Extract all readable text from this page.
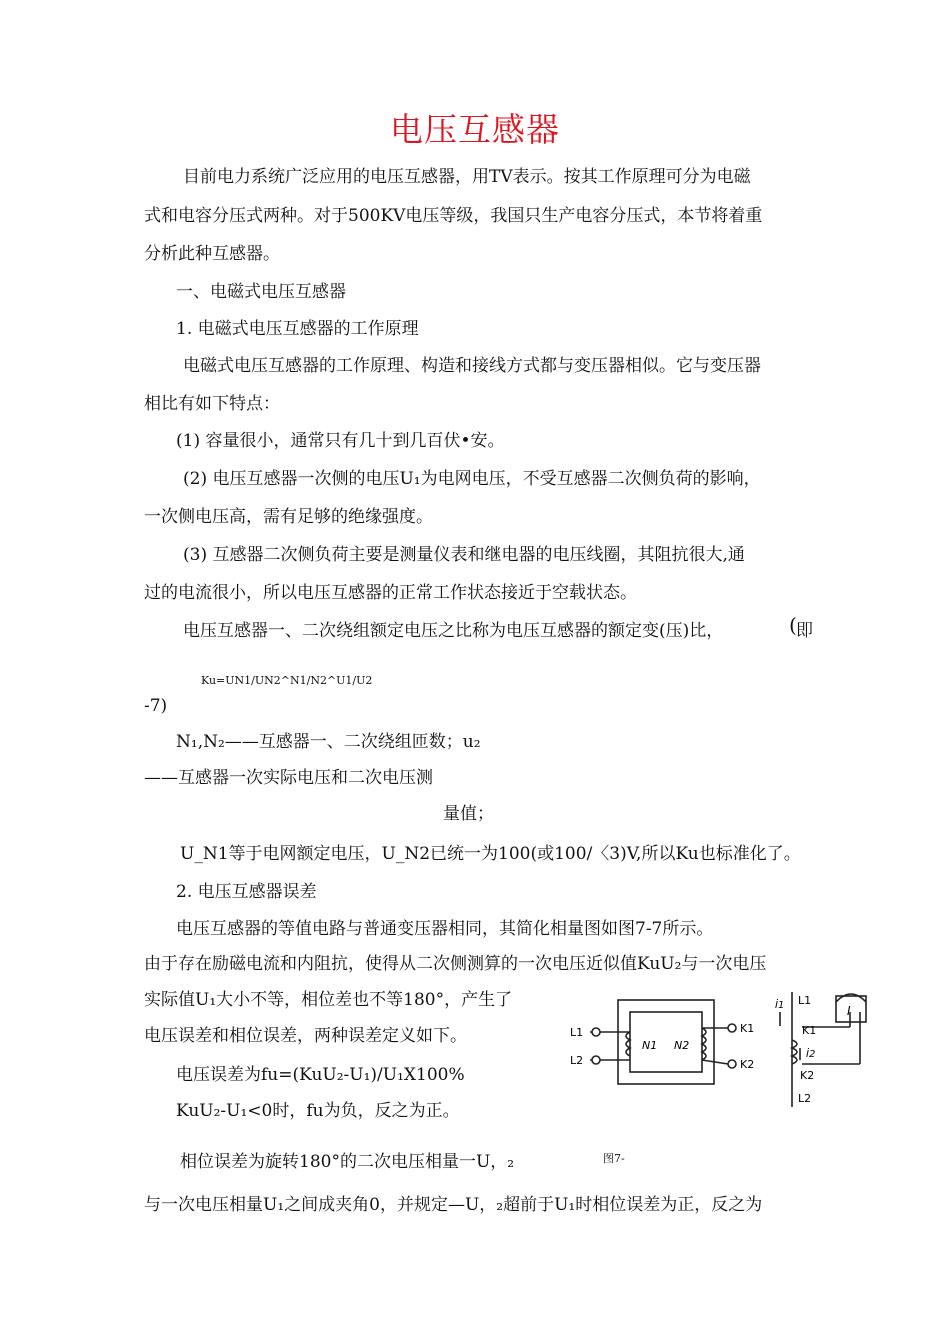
电压互感器
目前电力系统广泛应用的电压互感器，用TV表示。按其工作原理可分为电磁
式和电容分压式两种。对于500KV电压等级，我国只生产电容分压式，本节将着重
分析此种互感器。
一、电磁式电压互感器
1. 电磁式电压互感器的工作原理
电磁式电压互感器的工作原理、构造和接线方式都与变压器相似。它与变压器
相比有如下特点：
(1) 容量很小，通常只有几十到几百伏•安。
(2) 电压互感器一次侧的电压U₁为电网电压，不受互感器二次侧负荷的影响，
一次侧电压高，需有足够的绝缘强度。
(3) 互感器二次侧负荷主要是测量仪表和继电器的电压线圈，其阻抗很大,通
过的电流很小，所以电压互感器的正常工作状态接近于空载状态。
电压互感器一、二次绕组额定电压之比称为电压互感器的额定变(压)比，	( 即
Ku=UN1/UN2^N1/N2^U1/U2
-7)
N₁,N₂——互感器一、二次绕组匝数；u₂
——互感器一次实际电压和二次电压测
量值；
U_N1等于电网额定电压，U_N2已统一为100(或100/〈3)V,所以Ku也标准化了。
2. 电压互感器误差
电压互感器的等值电路与普通变压器相同，其简化相量图如图7-7所示。
由于存在励磁电流和内阻抗，使得从二次侧测算的一次电压近似值KuU₂与一次电压
实际值U₁大小不等，相位差也不等180°，产生了
电压误差和相位误差，两种误差定义如下。
电压误差为fu=(KuU₂-U₁)/U₁X100%
KuU₂-U₁<0时，fu为负，反之为正。
相位误差为旋转180°的二次电压相量一U，₂	图7-
与一次电压相量U₁之间成夹角0，并规定—U，₂超前于U₁时相位误差为正，反之为
L1
L2
N1 N2
K1
K2
İ1 L1
K1
İ2
K2
L2
I
